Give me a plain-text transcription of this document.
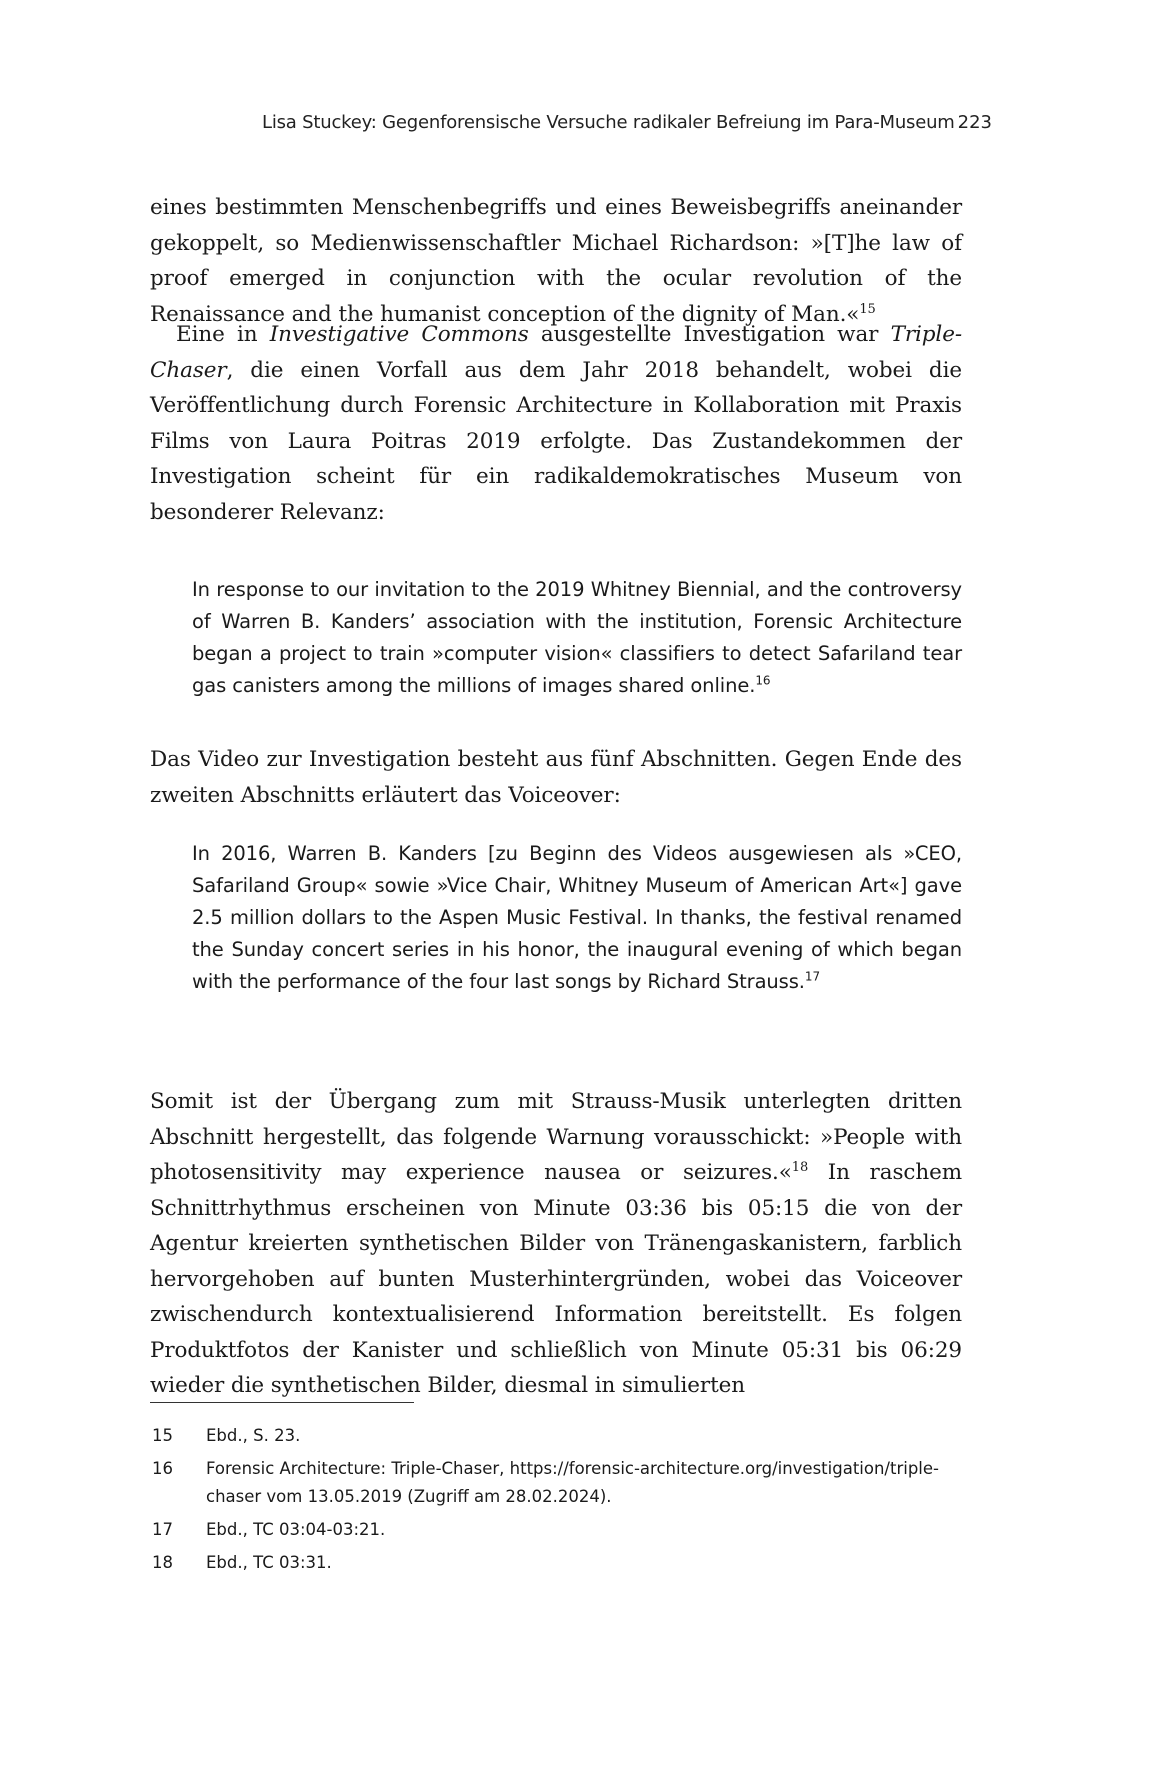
Lisa Stuckey: Gegenforensische Versuche radikaler Befreiung im Para-Museum 223

eines bestimmten Menschenbegriffs und eines Beweisbegriffs aneinander gekoppelt, so Medienwissenschaftler Michael Richardson: »[T]he law of proof emerged in conjunction with the ocular revolution of the Renaissance and the humanist conception of the dignity of Man.«$^{15}$

Eine in Investigative Commons ausgestellte Investigation war Triple-Chaser, die einen Vorfall aus dem Jahr 2018 behandelt, wobei die Veröffentlichung durch Forensic Architecture in Kollaboration mit Praxis Films von Laura Poitras 2019 erfolgte. Das Zustandekommen der Investigation scheint für ein radikaldemokratisches Museum von besonderer Relevanz:

In response to our invitation to the 2019 Whitney Biennial, and the controversy of Warren B. Kanders’ association with the institution, Forensic Architecture began a project to train »computer vision« classifiers to detect Safariland tear gas canisters among the millions of images shared online.$^{16}$

Das Video zur Investigation besteht aus fünf Abschnitten. Gegen Ende des zweiten Abschnitts erläutert das Voiceover:

In 2016, Warren B. Kanders [zu Beginn des Videos ausgewiesen als »CEO, Safariland Group« sowie »Vice Chair, Whitney Museum of American Art«] gave 2.5 million dollars to the Aspen Music Festival. In thanks, the festival renamed the Sunday concert series in his honor, the inaugural evening of which began with the performance of the four last songs by Richard Strauss.$^{17}$

Somit ist der Übergang zum mit Strauss-Musik unterlegten dritten Abschnitt hergestellt, das folgende Warnung vorausschickt: »People with photosensitivity may experience nausea or seizures.«$^{18}$ In raschem Schnittrhythmus erscheinen von Minute 03:36 bis 05:15 die von der Agentur kreierten synthetischen Bilder von Tränengaskanistern, farblich hervorgehoben auf bunten Musterhintergründen, wobei das Voiceover zwischendurch kontextualisierend Information bereitstellt. Es folgen Produktfotos der Kanister und schließlich von Minute 05:31 bis 06:29 wieder die synthetischen Bilder, diesmal in simulierten

15 Ebd., S. 23.
16 Forensic Architecture: Triple-Chaser, https://forensic-architecture.org/investigation/triple-chaser vom 13.05.2019 (Zugriff am 28.02.2024).
17 Ebd., TC 03:04-03:21.
18 Ebd., TC 03:31.
